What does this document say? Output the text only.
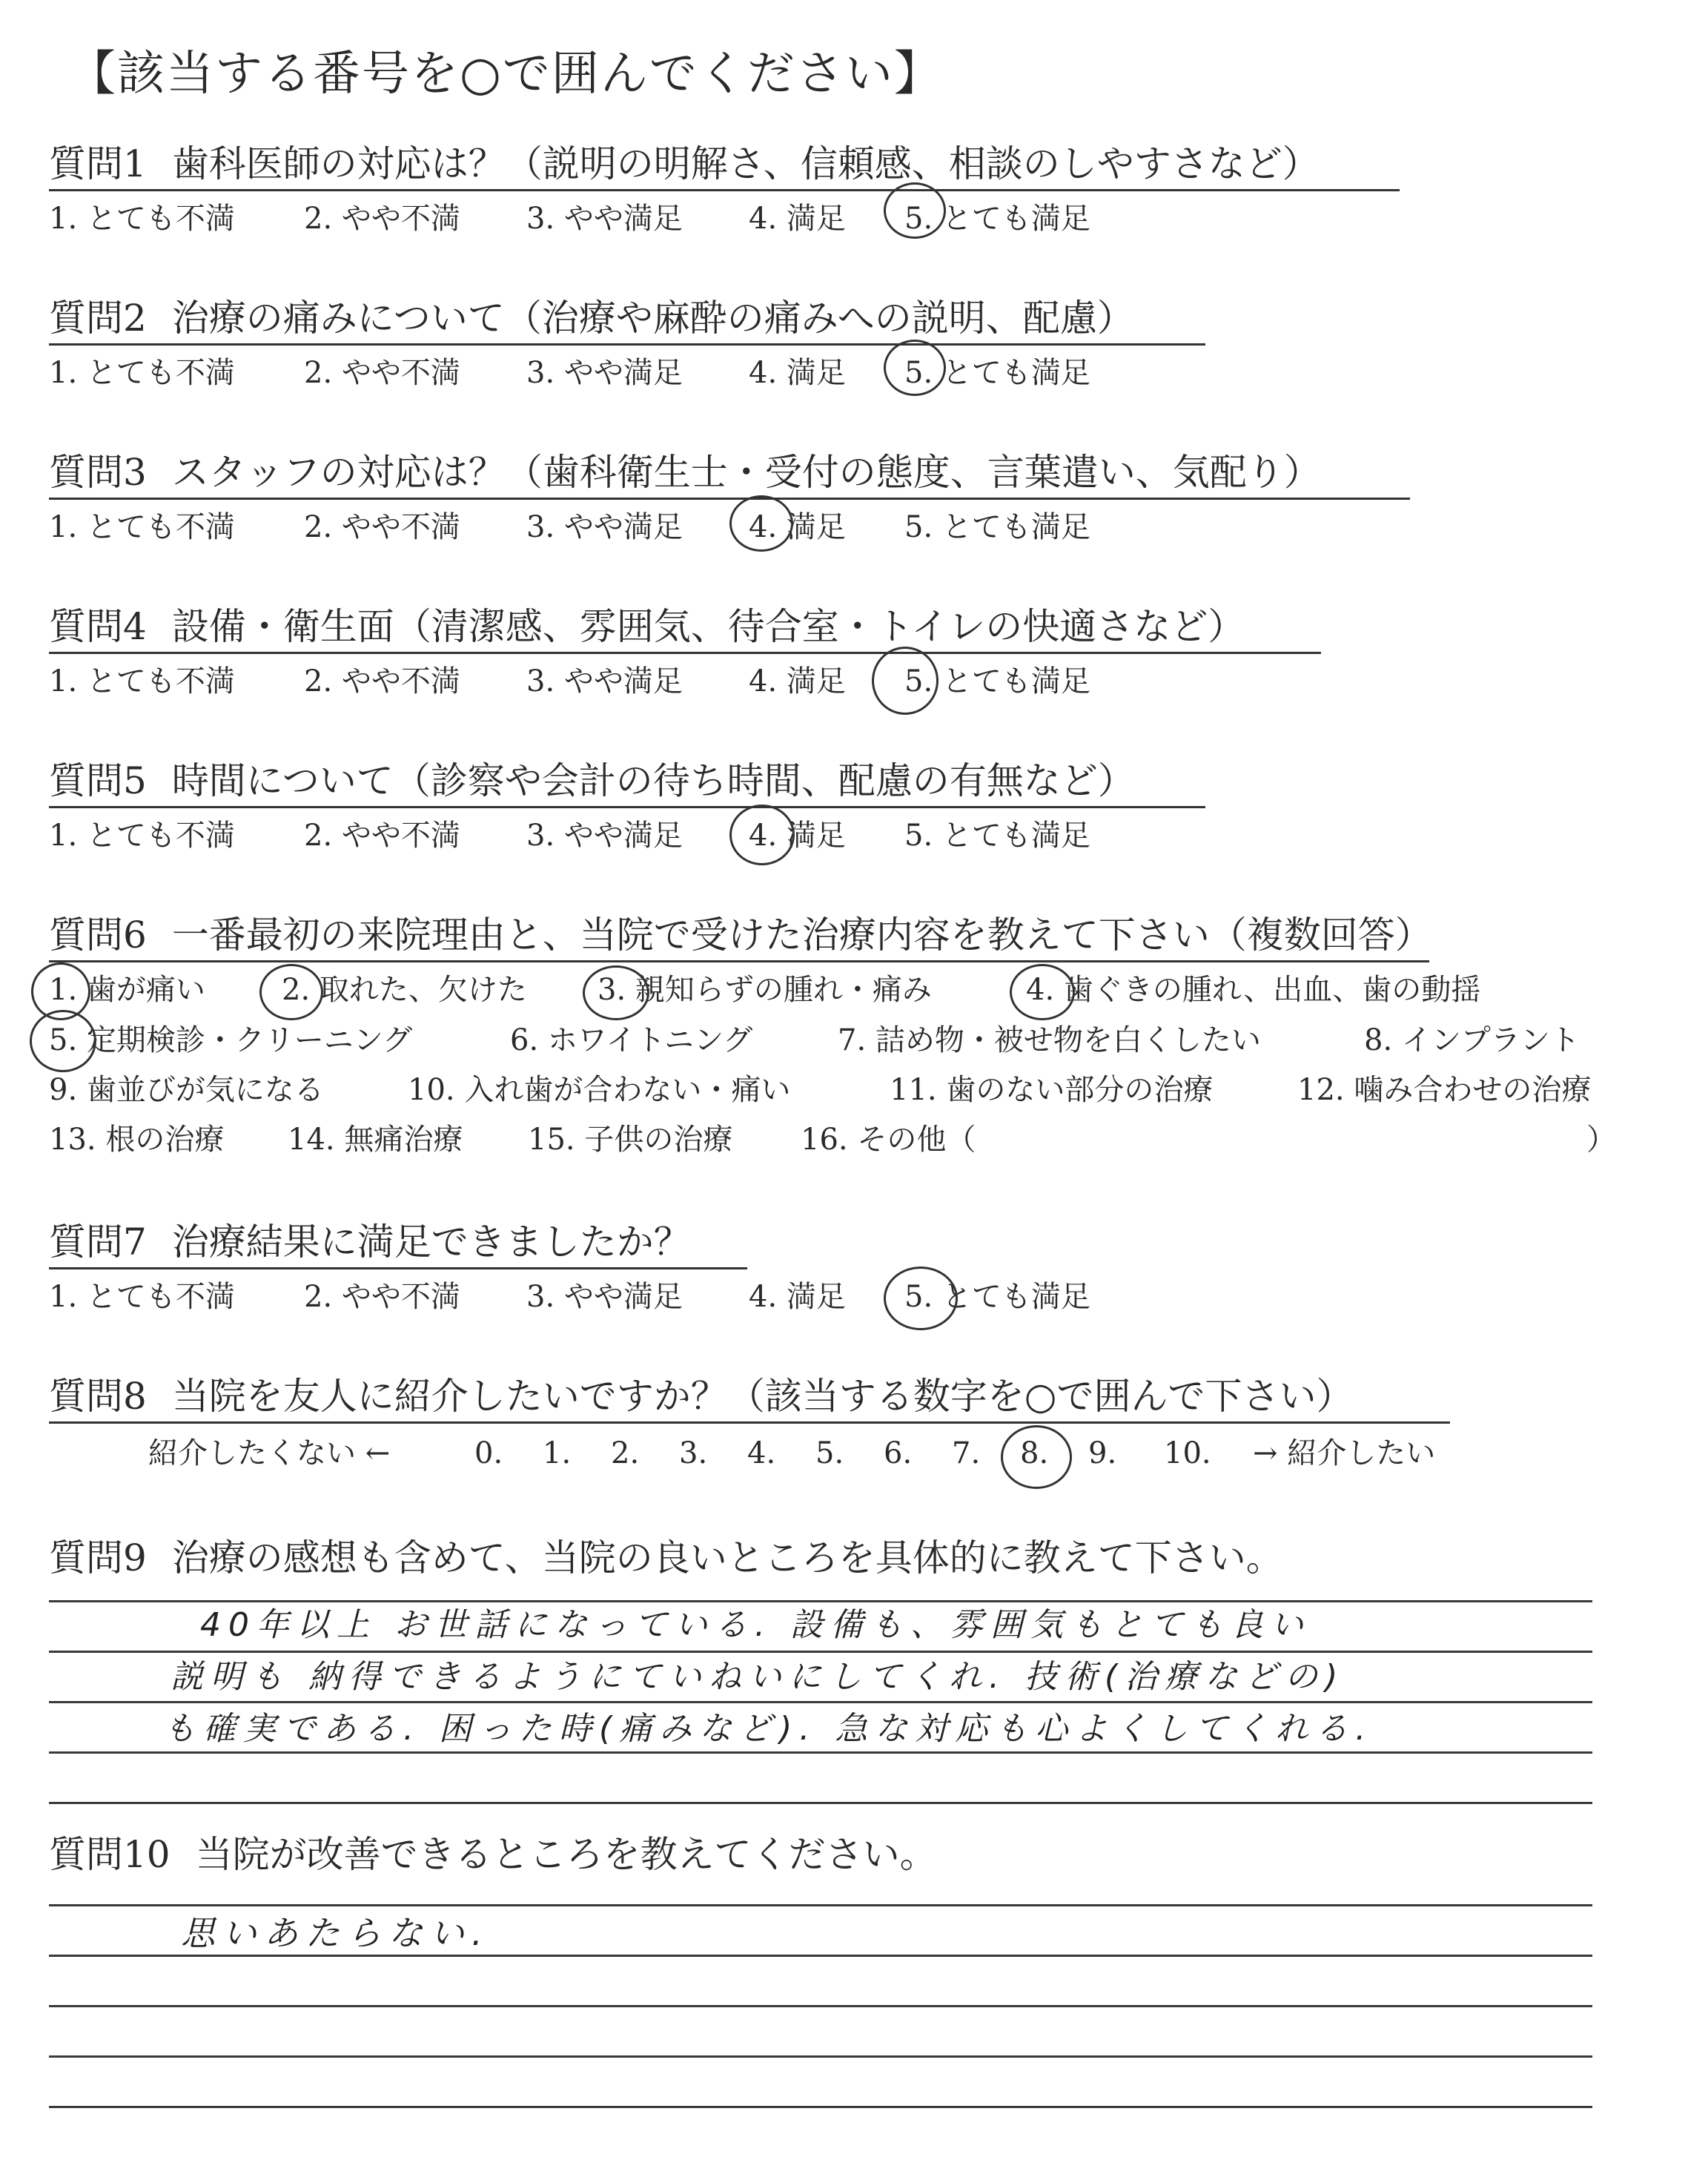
【該当する番号を○で囲んでください】
質問1 歯科医師の対応は？（説明の明解さ、信頼感、相談のしやすさなど）
1. とても不満 2. やや不満 3. やや満足 4. 満足 5. とても満足
質問2 治療の痛みについて（治療や麻酔の痛みへの説明、配慮）
1. とても不満 2. やや不満 3. やや満足 4. 満足 5. とても満足
質問3 スタッフの対応は？（歯科衛生士・受付の態度、言葉遣い、気配り）
1. とても不満 2. やや不満 3. やや満足 4. 満足 5. とても満足
質問4 設備・衛生面（清潔感、雰囲気、待合室・トイレの快適さなど）
1. とても不満 2. やや不満 3. やや満足 4. 満足 5. とても満足
質問5 時間について（診察や会計の待ち時間、配慮の有無など）
1. とても不満 2. やや不満 3. やや満足 4. 満足 5. とても満足
質問6 一番最初の来院理由と、当院で受けた治療内容を教えて下さい（複数回答）
1. 歯が痛い	2. 取れた、欠けた 3. 親知らずの腫れ・痛み	4. 歯ぐきの腫れ、出血、歯の動揺
5. 定期検診・クリーニング	6. ホワイトニング	7. 詰め物・被せ物を白くしたい	8. インプラント
9. 歯並びが気になる	10. 入れ歯が合わない・痛い	11. 歯のない部分の治療	12. 噛み合わせの治療
13. 根の治療 14. 無痛治療 15. 子供の治療 16. その他（	）
質問7 治療結果に満足できましたか？
1. とても不満 2. やや不満 3. やや満足 4. 満足 5. とても満足
質問8 当院を友人に紹介したいですか？（該当する数字を○で囲んで下さい）
紹介したくない ←	0. 1. 2. 3. 4. 5. 6. 7. 8. 9. 10. → 紹介したい
質問9 治療の感想も含めて、当院の良いところを具体的に教えて下さい。
40年以上 お世話になっている. 設備も、雰囲気もとても良い
説明も 納得できるようにていねいにしてくれ. 技術(治療などの)
も確実である. 困った時(痛みなど). 急な対応も心よくしてくれる.
質問10 当院が改善できるところを教えてください。
思いあたらない.
